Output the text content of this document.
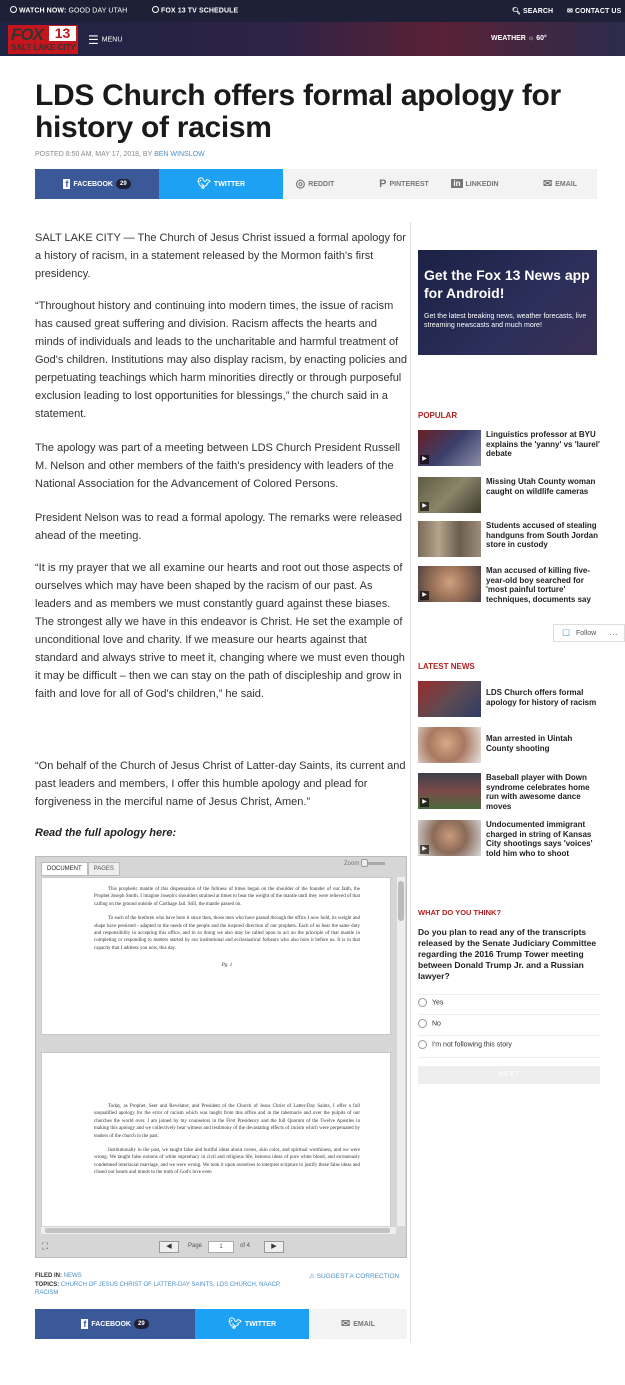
WATCH NOW: GOOD DAY UTAH	FOX 13 TV SCHEDULE	🔍︎ SEARCH ✉ CONTACT US
FOX 13
SALT LAKE CITY
☰ MENU	WEATHER ☼ 60°
LDS Church offers formal apology for history of racism
POSTED 8:50 AM, MAY 17, 2018, BY BEN WINSLOW
f FACEBOOK 29	🐦︎ TWITTER	◎ REDDIT	PPINTEREST	in LINKEDIN	✉ EMAIL

SALT LAKE CITY — The Church of Jesus Christ issued a formal apology for a history of racism, in a statement released by the Mormon faith's first presidency.

“Throughout history and continuing into modern times, the issue of racism has caused great suffering and division. Racism affects the hearts and minds of individuals and leads to the uncharitable and harmful treatment of God's children. Institutions may also display racism, by enacting policies and perpetuating teachings which harm minorities directly or through purposeful exclusion leading to lost opportunities for blessings,” the church said in a statement.

The apology was part of a meeting between LDS Church President Russell M. Nelson and other members of the faith's presidency with leaders of the National Association for the Advancement of Colored Persons.

President Nelson was to read a formal apology. The remarks were released ahead of the meeting.

“It is my prayer that we all examine our hearts and root out those aspects of ourselves which may have been shaped by the racism of our past. As leaders and as members we must constantly guard against these biases. The strongest ally we have in this endeavor is Christ. He set the example of unconditional love and charity. If we measure our hearts against that standard and always strive to meet it, changing where we must even though it may be difficult – then we can stay on the path of discipleship and grow in faith and love for all of God's children,” he said.

“On behalf of the Church of Jesus Christ of Latter-day Saints, its current and past leaders and members, I offer this humble apology and plead for forgiveness in the merciful name of Jesus Christ, Amen.”

Read the full apology here:
DOCUMENT PAGES
Zoom

This prophetic mantle of this dispensation of the fullness of times began on the shoulder of the founder of our faith, the Prophet Joseph Smith. I imagine Joseph's shoulders strained at times to bear the weight of the mantle until they were relieved of that calling on the ground outside of Carthage Jail. Still, the mantle passed on.

To each of the brethren who have born it since then, those men who have passed through the office I now hold, its weight and shape have persisted - adapted to the needs of the people and the inspired direction of our prophets. Each of us bear the same duty and responsibility in accepting this office, and in so doing we also may be called upon to act on the principle of that mantle in completing or responding to matters started by our institutional and ecclesiastical forbears who also bore it before us. It is in that capacity that I address you now, this day.

Pg. 1

Today, as Prophet, Seer and Revelator, and President of the Church of Jesus Christ of Latter-Day Saints, I offer a full unqualified apology for the error of racism which was taught from this office and in the tabernacle and over the pulpits of our churches the world over. I am joined by my counselors in the First Presidency and the full Quorum of the Twelve Apostles in making this apology and we collectively bear witness and testimony of the devastating effects of racism which were perpetuated by leaders of the church in the past.

Institutionally in the past, we taught false and hurtful ideas about curses, skin color, and spiritual worthiness, and we were wrong. We taught false notions of white supremacy in civil and religious life, heinous ideas of pure white blood, and erroneously condemned interracial marriage, and we were wrong. We took it upon ourselves to interpret scripture to justify these false ideas and closed our hearts and minds to the truth of God's love even

⛶	◀	Page	1	of 4	▶
FILED IN: NEWS
TOPICS: CHURCH OF JESUS CHRIST OF LATTER-DAY SAINTS, LDS CHURCH, NAACP, RACISM
⚠ SUGGEST A CORRECTION
f FACEBOOK 29	🐦︎ TWITTER	✉ EMAIL
Get the Fox 13 News app for Android!
Get the latest breaking news, weather forecasts, live streaming newscasts and much more!
POPULAR
▶
Linguistics professor at BYU explains the 'yanny' vs 'laurel' debate
▶
Missing Utah County woman caught on wildlife cameras
Students accused of stealing handguns from South Jordan store in custody
▶
Man accused of killing five-year-old boy searched for 'most painful torture' techniques, documents say
☐ Follow …
LATEST NEWS
LDS Church offers formal apology for history of racism
Man arrested in Uintah County shooting
▶
Baseball player with Down syndrome celebrates home run with awesome dance moves
▶
Undocumented immigrant charged in string of Kansas City shootings says 'voices' told him who to shoot
WHAT DO YOU THINK?
Do you plan to read any of the transcripts released by the Senate Judiciary Committee regarding the 2016 Trump Tower meeting between Donald Trump Jr. and a Russian lawyer?
Yes
No
I'm not following this story
NEXT
